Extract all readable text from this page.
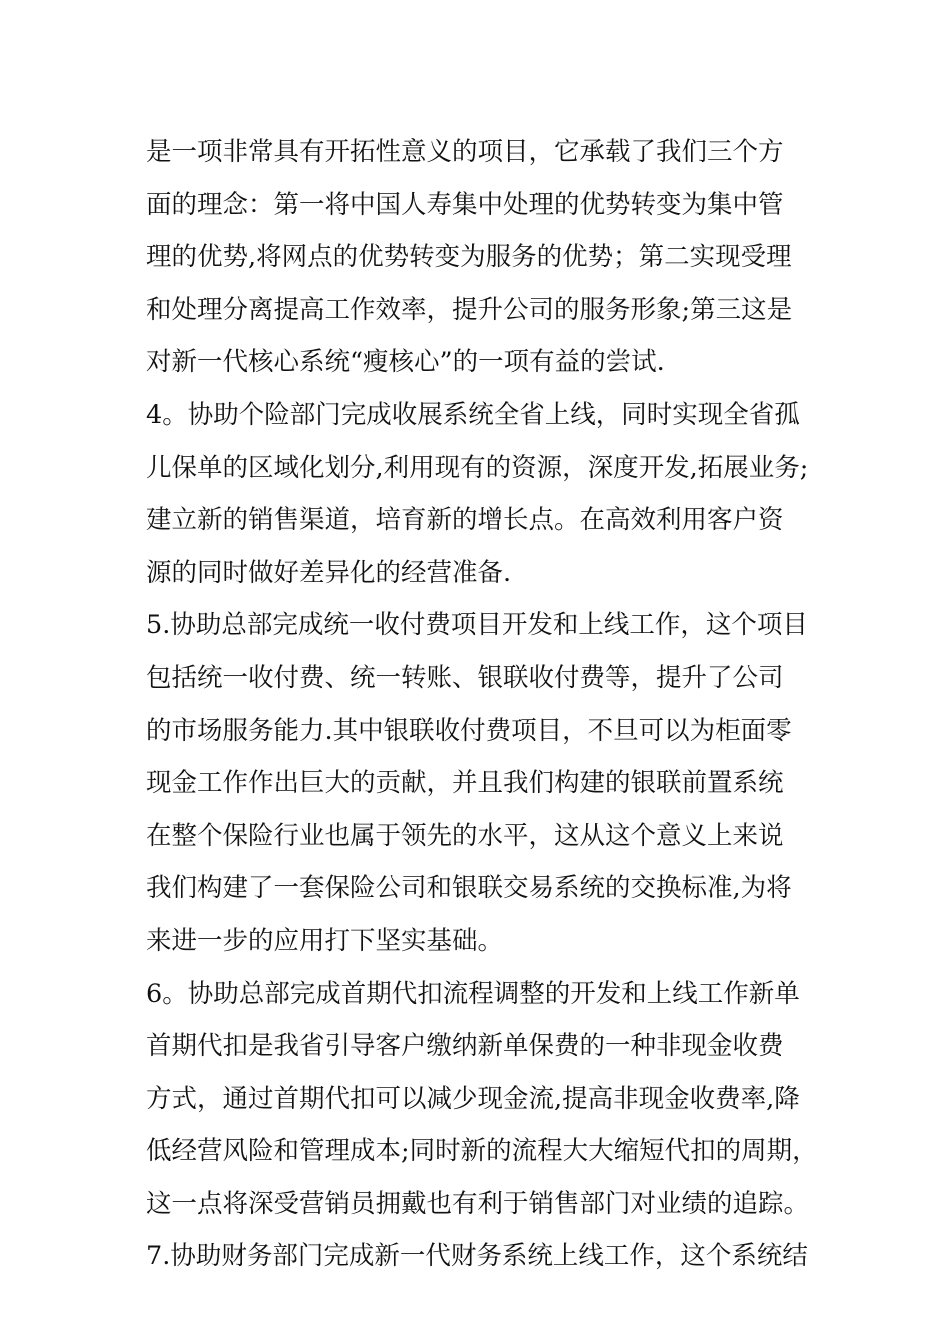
是一项非常具有开拓性意义的项目，它承载了我们三个方
面的理念：第一将中国人寿集中处理的优势转变为集中管
理的优势,将网点的优势转变为服务的优势；第二实现受理
和处理分离提高工作效率，提升公司的服务形象;第三这是
对新一代核心系统“瘦核心”的一项有益的尝试.
4。协助个险部门完成收展系统全省上线，同时实现全省孤
儿保单的区域化划分,利用现有的资源，深度开发,拓展业务;
建立新的销售渠道，培育新的增长点。在高效利用客户资
源的同时做好差异化的经营准备.
5.协助总部完成统一收付费项目开发和上线工作，这个项目
包括统一收付费、统一转账、银联收付费等，提升了公司
的市场服务能力.其中银联收付费项目，不旦可以为柜面零
现金工作作出巨大的贡献，并且我们构建的银联前置系统
在整个保险行业也属于领先的水平，这从这个意义上来说
我们构建了一套保险公司和银联交易系统的交换标准,为将
来进一步的应用打下坚实基础。
6。协助总部完成首期代扣流程调整的开发和上线工作新单
首期代扣是我省引导客户缴纳新单保费的一种非现金收费
方式，通过首期代扣可以减少现金流,提高非现金收费率,降
低经营风险和管理成本;同时新的流程大大缩短代扣的周期，
这一点将深受营销员拥戴也有利于销售部门对业绩的追踪。
7.协助财务部门完成新一代财务系统上线工作，这个系统结
